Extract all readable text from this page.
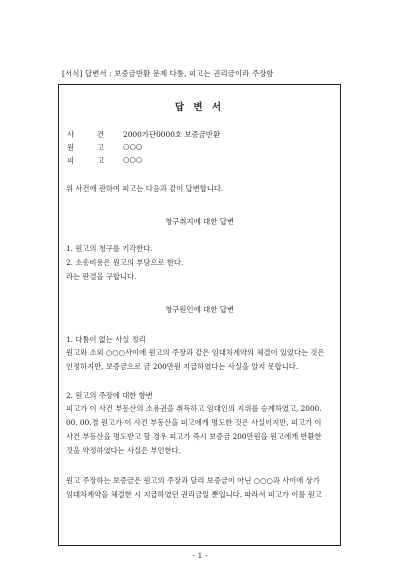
[서식] 답변서 : 보증금반환 문제 다툼, 피고는 권리금이라 주장함
답 변 서
사	건	2000가단0000호 보증금반환
원	고	○○○
피	고	○○○
위 사건에 관하여 피고는 다음과 같이 답변합니다.
청구취지에 대한 답변
1. 원고의 청구를 기각한다.
2. 소송비용은 원고의 부담으로 한다.
라는 판결을 구합니다.
청구원인에 대한 답변
1. 다툼이 없는 사실 정리
원고와 소외 ○○○사이에 원고의 주장과 같은 임대차계약의 체결이 있었다는 것은
인정하지만, 보증금으로 금 200만원 지급하였다는 사실을 알지 못합니다.
2. 원고의 주장에 대한 항변
피고가 이 사건 부동산의 소유권을 취득하고 임대인의 지위를 승계하였고, 2000.
00. 00.경 원고가 이 사건 부동산을 피고에게 명도한 것은 사실이지만, 피고가 이
사건 부동산을 명도받고 할 경우 피고가 즉시 보증금 200만원을 원고에게 반환한
것을 약정하였다는 사실은 부인한다.
원고 주장하는 보증금은 원고의 주장과 달리 보증금이 아닌 ○○○과 사이에 상가
임대차계약을 체결한 시 지급하였던 권리금일 뿐입니다. 따라서 피고가 이를 원고
- 1 -
